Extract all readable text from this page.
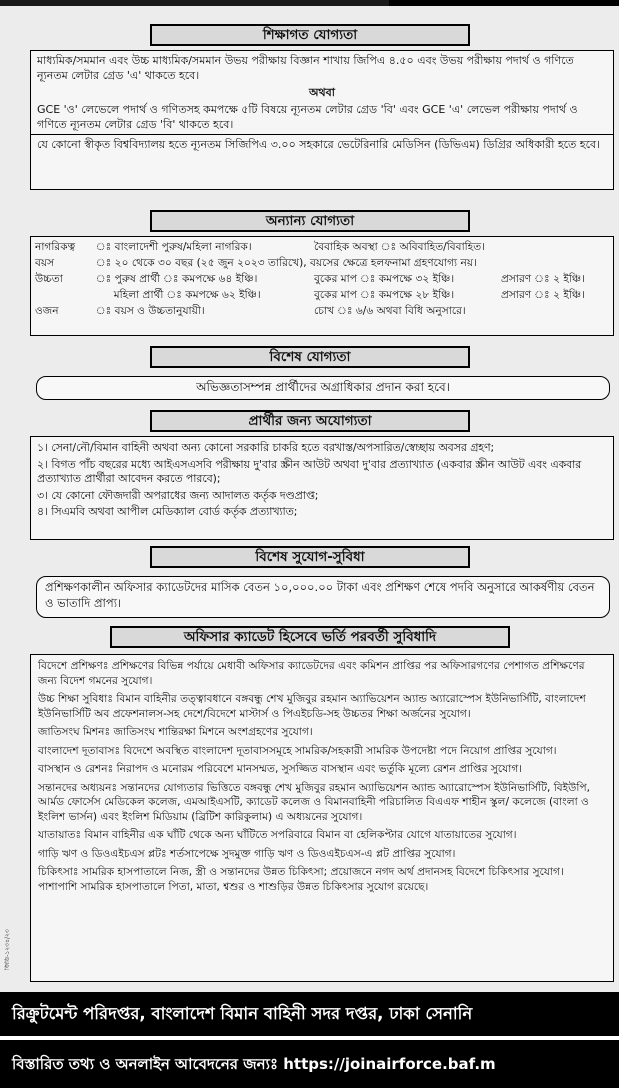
শিক্ষাগত যোগ্যতা
মাধ্যমিক/সমমান এবং উচ্চ মাধ্যমিক/সমমান উভয় পরীক্ষায় বিজ্ঞান শাখায় জিপিএ ৪.৫০ এবং উভয় পরীক্ষায় পদার্থ ও গণিতে ন্যূনতম লেটার গ্রেড 'এ' থাকতে হবে।
অথবা
GCE 'ও' লেভেলে পদার্থ ও গণিতসহ কমপক্ষে ৫টি বিষয়ে ন্যূনতম লেটার গ্রেড 'বি' এবং GCE 'এ' লেভেল পরীক্ষায় পদার্থ ও গণিতে ন্যূনতম লেটার গ্রেড 'বি' থাকতে হবে।
যে কোনো স্বীকৃত বিশ্ববিদ্যালয় হতে ন্যূনতম সিজিপিএ ৩.০০ সহকারে ভেটেরিনারি মেডিসিন (ডিভিএম) ডিগ্রির অধিকারী হতে হবে।
অন্যান্য যোগ্যতা
নাগরিকত্ব	ঃ বাংলাদেশী পুরুষ/মহিলা নাগরিক।	বৈবাহিক অবস্থা ঃ অবিবাহিত/বিবাহিত।	
বয়স	ঃ ২০ থেকে ৩০ বছর (২৫ জুন ২০২৩ তারিখে), বয়সের ক্ষেত্রে হলফনামা গ্রহণযোগ্য নয়।		
উচ্চতা	ঃ পুরুষ প্রার্থী ঃ কমপক্ষে ৬৪ ইঞ্চি।	বুকের মাপ ঃ কমপক্ষে ৩২ ইঞ্চি।	প্রসারণ ঃ ২ ইঞ্চি।
	মহিলা প্রার্থী ঃ কমপক্ষে ৬২ ইঞ্চি।	বুকের মাপ ঃ কমপক্ষে ২৮ ইঞ্চি।	প্রসারণ ঃ ২ ইঞ্চি।
ওজন	ঃ বয়স ও উচ্চতানুযায়ী।	চোখ ঃ ৬/৬ অথবা বিধি অনুসারে।	
বিশেষ যোগ্যতা
অভিজ্ঞতাসম্পন্ন প্রার্থীদের অগ্রাধিকার প্রদান করা হবে।
প্রার্থীর জন্য অযোগ্যতা
১। সেনা/নৌ/বিমান বাহিনী অথবা অন্য কোনো সরকারি চাকরি হতে বরখাস্ত/অপসারিত/স্বেচ্ছায় অবসর গ্রহণ;
২। বিগত পাঁচ বছরের মধ্যে আইএসএসবি পরীক্ষায় দু'বার স্ক্রীন আউট অথবা দু'বার প্রত্যাখ্যাত (একবার স্ক্রীন আউট এবং একবার প্রত্যাখ্যাত প্রার্থীরা আবেদন করতে পারবে);
৩। যে কোনো ফৌজদারী অপরাধের জন্য আদালত কর্তৃক দণ্ডপ্রাপ্ত;
৪। সিএমবি অথবা আপীল মেডিক্যাল বোর্ড কর্তৃক প্রত্যাখ্যাত;
বিশেষ সুযোগ-সুবিধা
প্রশিক্ষণকালীন অফিসার ক্যাডেটদের মাসিক বেতন ১০,০০০.০০ টাকা এবং প্রশিক্ষণ শেষে পদবি অনুসারে আকর্ষণীয় বেতন ও ভাতাদি প্রাপ্য।
অফিসার ক্যাডেট হিসেবে ভর্তি পরবর্তী সুবিধাদি
বিদেশে প্রশিক্ষণঃ প্রশিক্ষণের বিভিন্ন পর্যায়ে মেধাবী অফিসার ক্যাডেটদের এবং কমিশন প্রাপ্তির পর অফিসারগণের পেশাগত প্রশিক্ষণের জন্য বিদেশ গমনের সুযোগ।
উচ্চ শিক্ষা সুবিধাঃ বিমান বাহিনীর তত্ত্বাবধানে বঙ্গবন্ধু শেখ মুজিবুর রহমান অ্যাভিয়েশন অ্যান্ড অ্যারোস্পেস ইউনিভার্সিটি, বাংলাদেশ ইউনিভার্সিটি অব প্রফেশনালস-সহ দেশে/বিদেশে মাস্টার্স ও পিএইচডি-সহ উচ্চতর শিক্ষা অর্জনের সুযোগ।
জাতিসংঘ মিশনঃ জাতিসংঘ শান্তিরক্ষা মিশনে অংশগ্রহণের সুযোগ।
বাংলাদেশ দূতাবাসঃ বিদেশে অবস্থিত বাংলাদেশ দূতাবাসসমূহে সামরিক/সহকারী সামরিক উপদেষ্টা পদে নিয়োগ প্রাপ্তির সুযোগ।
বাসস্থান ও রেশনঃ নিরাপদ ও মনোরম পরিবেশে মানসম্মত, সুসজ্জিত বাসস্থান এবং ভর্তুকি মূল্যে রেশন প্রাপ্তির সুযোগ।
সন্তানদের অধ্যয়নঃ সন্তানদের যোগ্যতার ভিত্তিতে বঙ্গবন্ধু শেখ মুজিবুর রহমান অ্যাভিয়েশন অ্যান্ড অ্যারোস্পেস ইউনিভার্সিটি, বিইউপি, আর্মড ফোর্সেস মেডিকেল কলেজ, এমআইএসটি, ক্যাডেট কলেজ ও বিমানবাহিনী পরিচালিত বিএএফ শাহীন স্কুল/ কলেজে (বাংলা ও ইংলিশ ভার্সন) এবং ইংলিশ মিডিয়াম (ব্রিটিশ কারিকুলাম) এ অধ্যয়নের সুযোগ।
যাতায়াতঃ বিমান বাহিনীর এক ঘাঁটি থেকে অন্য ঘাঁটিতে সপরিবারে বিমান বা হেলিকপ্টার যোগে যাতায়াতের সুযোগ।
গাড়ি ঋণ ও ডিওএইচএস প্লটঃ শর্তসাপেক্ষে সুদমুক্ত গাড়ি ঋণ ও ডিওএইচএস-এ প্লট প্রাপ্তির সুযোগ।
চিকিৎসাঃ সামরিক হাসপাতালে নিজ, স্ত্রী ও সন্তানদের উন্নত চিকিৎসা; প্রয়োজনে নগদ অর্থ প্রদানসহ বিদেশে চিকিৎসার সুযোগ। পাশাপাশি সামরিক হাসপাতালে পিতা, মাতা, শ্বশুর ও শাশুড়ির উন্নত চিকিৎসার সুযোগ রয়েছে।
জিডি-১২৩৪/২৩
রিক্রুটমেন্ট পরিদপ্তর, বাংলাদেশ বিমান বাহিনী সদর দপ্তর, ঢাকা সেনানি
বিস্তারিত তথ্য ও অনলাইন আবেদনের জন্যঃ https://joinairforce.baf.m
